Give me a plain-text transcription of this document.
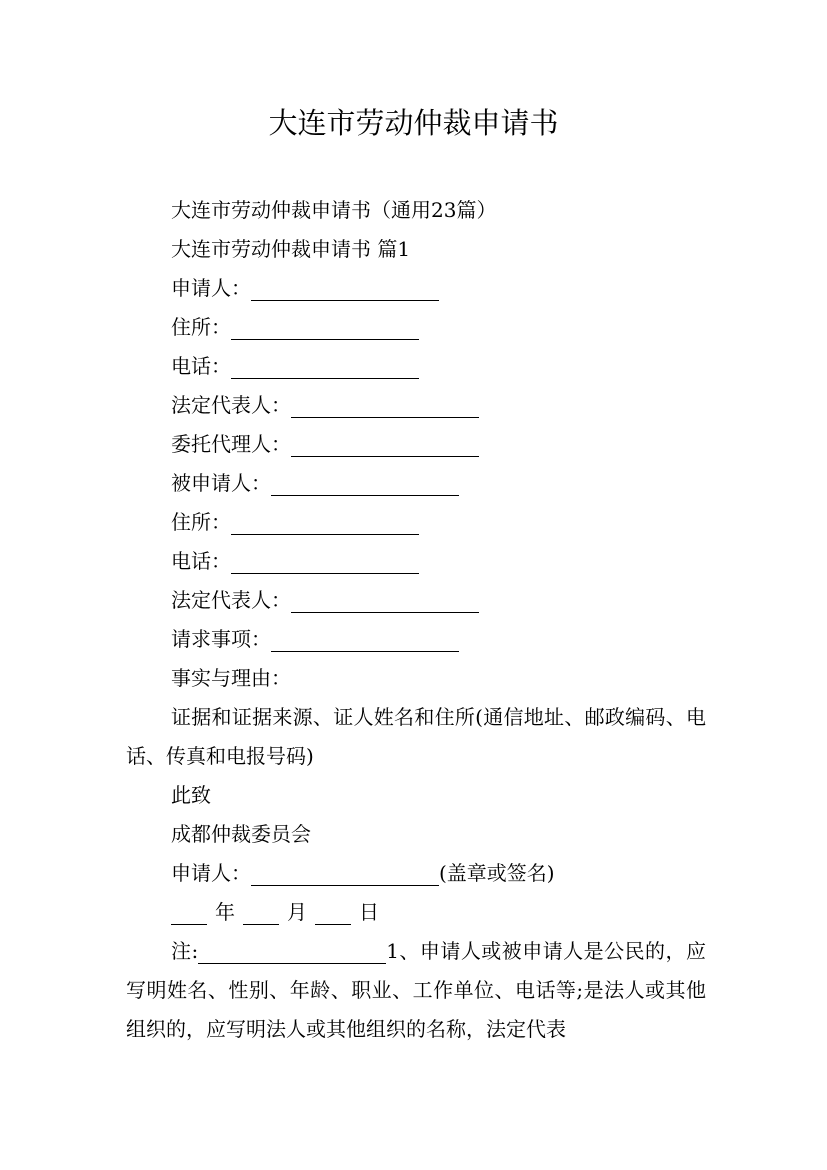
大连市劳动仲裁申请书
大连市劳动仲裁申请书（通用23篇）
大连市劳动仲裁申请书 篇1
申请人：
住所：
电话：
法定代表人：
委托代理人：
被申请人：
住所：
电话：
法定代表人：
请求事项：
事实与理由：
证据和证据来源、证人姓名和住所(通信地址、邮政编码、电话、传真和电报号码)
此致
成都仲裁委员会
申请人：	(盖章或签名)
年	月	日
注:	1、申请人或被申请人是公民的，应写明姓名、性别、年龄、职业、工作单位、电话等;是法人或其他组织的，应写明法人或其他组织的名称，法定代表
